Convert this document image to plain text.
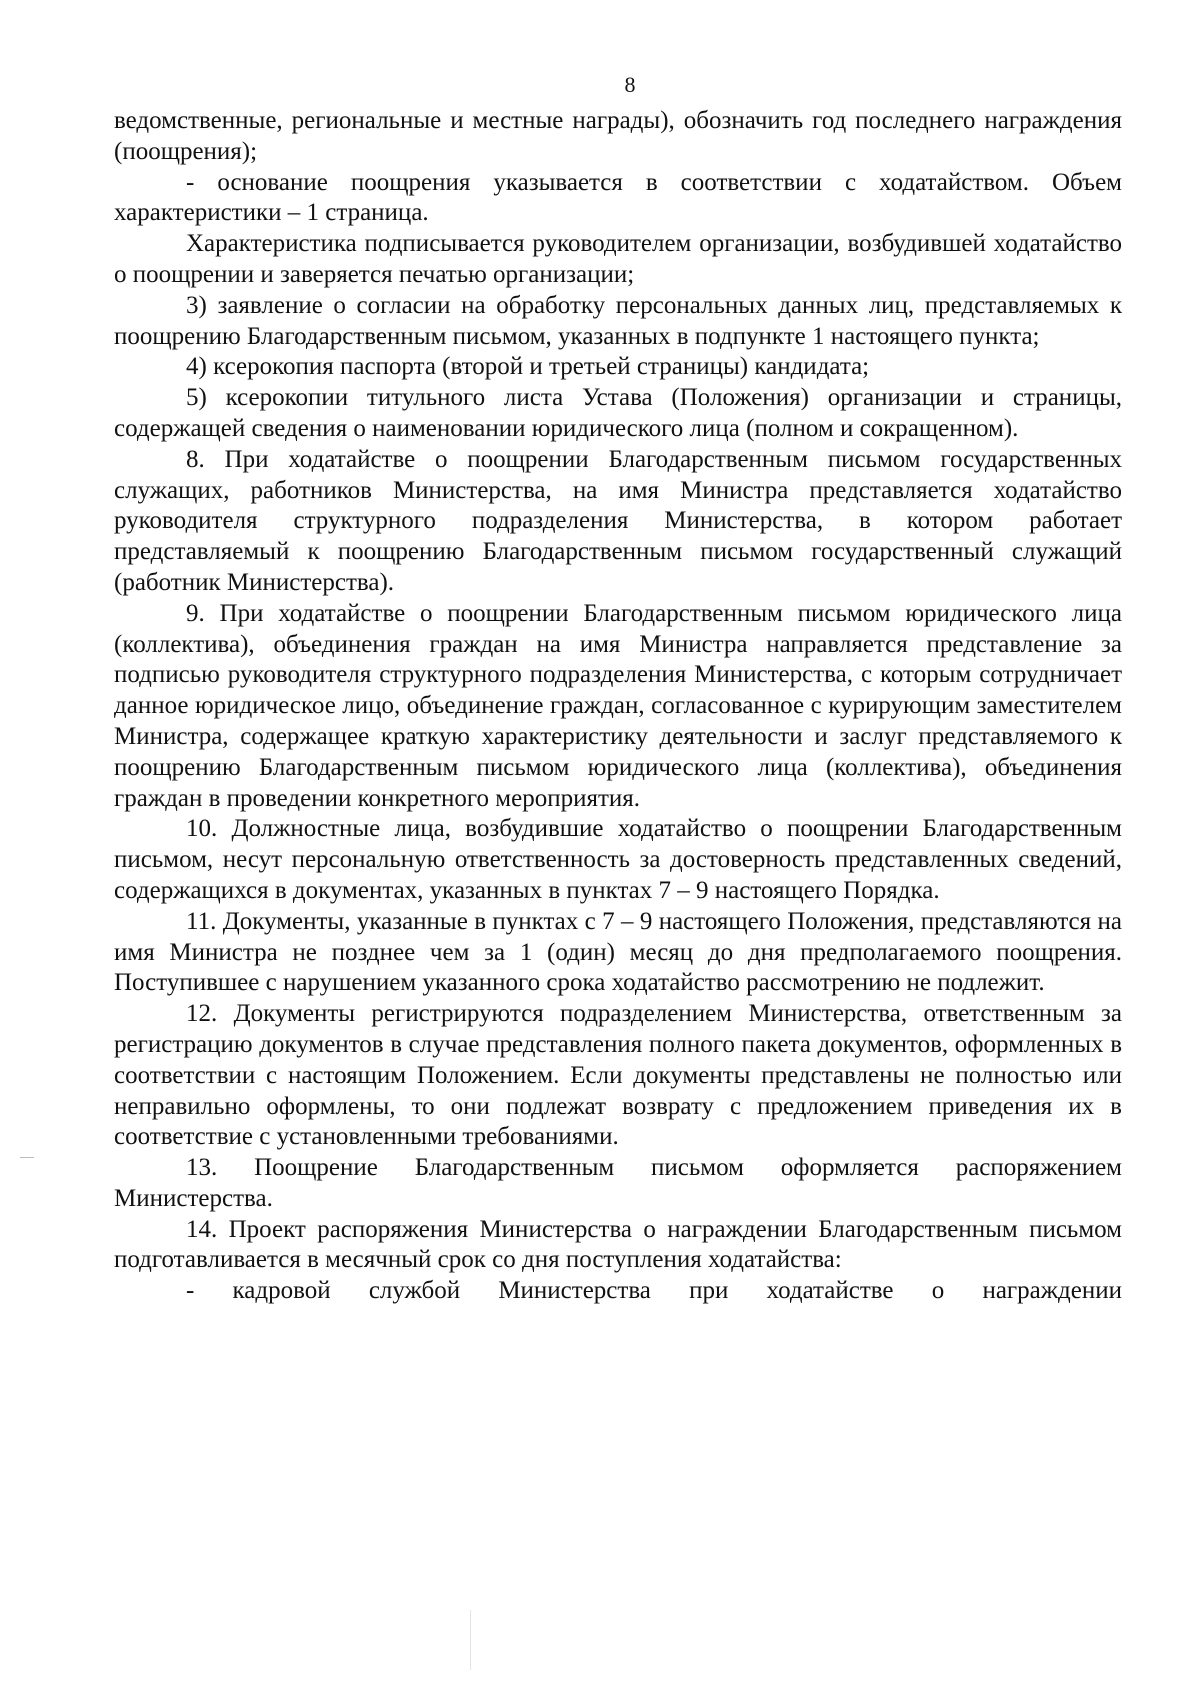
8

ведомственные, региональные и местные награды), обозначить год последнего награждения (поощрения);

- основание поощрения указывается в соответствии с ходатайством. Объем характеристики – 1 страница.

Характеристика подписывается руководителем организации, возбудившей ходатайство о поощрении и заверяется печатью организации;

3) заявление о согласии на обработку персональных данных лиц, представляемых к поощрению Благодарственным письмом, указанных в подпункте 1 настоящего пункта;

4) ксерокопия паспорта (второй и третьей страницы) кандидата;

5) ксерокопии титульного листа Устава (Положения) организации и страницы, содержащей сведения о наименовании юридического лица (полном и сокращенном).

8. При ходатайстве о поощрении Благодарственным письмом государственных служащих, работников Министерства, на имя Министра представляется ходатайство руководителя структурного подразделения Министерства, в котором работает представляемый к поощрению Благодарственным письмом государственный служащий (работник Министерства).

9. При ходатайстве о поощрении Благодарственным письмом юридического лица (коллектива), объединения граждан на имя Министра направляется представление за подписью руководителя структурного подразделения Министерства, с которым сотрудничает данное юридическое лицо, объединение граждан, согласованное с курирующим заместителем Министра, содержащее краткую характеристику деятельности и заслуг представляемого к поощрению Благодарственным письмом юридического лица (коллектива), объединения граждан в проведении конкретного мероприятия.

10. Должностные лица, возбудившие ходатайство о поощрении Благодарственным письмом, несут персональную ответственность за достоверность представленных сведений, содержащихся в документах, указанных в пунктах 7 – 9 настоящего Порядка.

11. Документы, указанные в пунктах с 7 – 9 настоящего Положения, представляются на имя Министра не позднее чем за 1 (один) месяц до дня предполагаемого поощрения. Поступившее с нарушением указанного срока ходатайство рассмотрению не подлежит.

12. Документы регистрируются подразделением Министерства, ответственным за регистрацию документов в случае представления полного пакета документов, оформленных в соответствии с настоящим Положением. Если документы представлены не полностью или неправильно оформлены, то они подлежат возврату с предложением приведения их в соответствие с установленными требованиями.

13. Поощрение Благодарственным письмом оформляется распоряжением Министерства.

14. Проект распоряжения Министерства о награждении Благодарственным письмом подготавливается в месячный срок со дня поступления ходатайства:

- кадровой службой Министерства при ходатайстве о награждении
